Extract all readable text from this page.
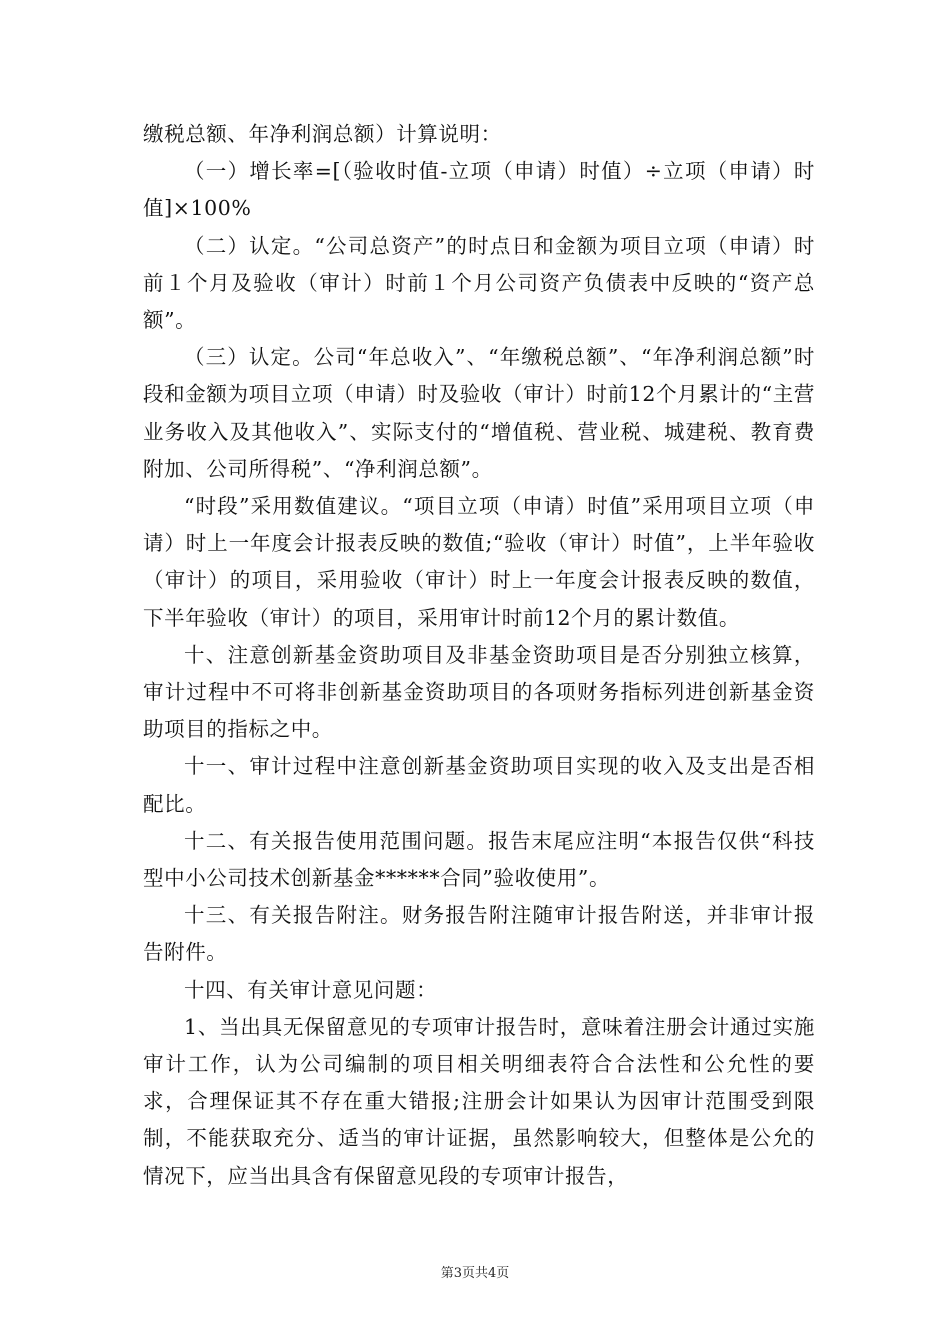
缴税总额、年净利润总额）计算说明：

（一）增长率=[（验收时值-立项（申请）时值）÷立项（申请）时值]×100%

（二）认定。“公司总资产”的时点日和金额为项目立项（申请）时前１个月及验收（审计）时前１个月公司资产负债表中反映的“资产总额”。

（三）认定。公司“年总收入”、“年缴税总额”、“年净利润总额”时段和金额为项目立项（申请）时及验收（审计）时前12个月累计的“主营业务收入及其他收入”、实际支付的“增值税、营业税、城建税、教育费附加、公司所得税”、“净利润总额”。

“时段”采用数值建议。“项目立项（申请）时值”采用项目立项（申请）时上一年度会计报表反映的数值;“验收（审计）时值”，上半年验收（审计）的项目，采用验收（审计）时上一年度会计报表反映的数值，下半年验收（审计）的项目，采用审计时前12个月的累计数值。

十、注意创新基金资助项目及非基金资助项目是否分别独立核算，审计过程中不可将非创新基金资助项目的各项财务指标列进创新基金资助项目的指标之中。

十一、审计过程中注意创新基金资助项目实现的收入及支出是否相配比。

十二、有关报告使用范围问题。报告末尾应注明“本报告仅供“科技型中小公司技术创新基金******合同”验收使用”。

十三、有关报告附注。财务报告附注随审计报告附送，并非审计报告附件。

十四、有关审计意见问题：

1、当出具无保留意见的专项审计报告时，意味着注册会计通过实施审计工作，认为公司编制的项目相关明细表符合合法性和公允性的要求，合理保证其不存在重大错报;注册会计如果认为因审计范围受到限制，不能获取充分、适当的审计证据，虽然影响较大，但整体是公允的情况下，应当出具含有保留意见段的专项审计报告，

第3页共4页
